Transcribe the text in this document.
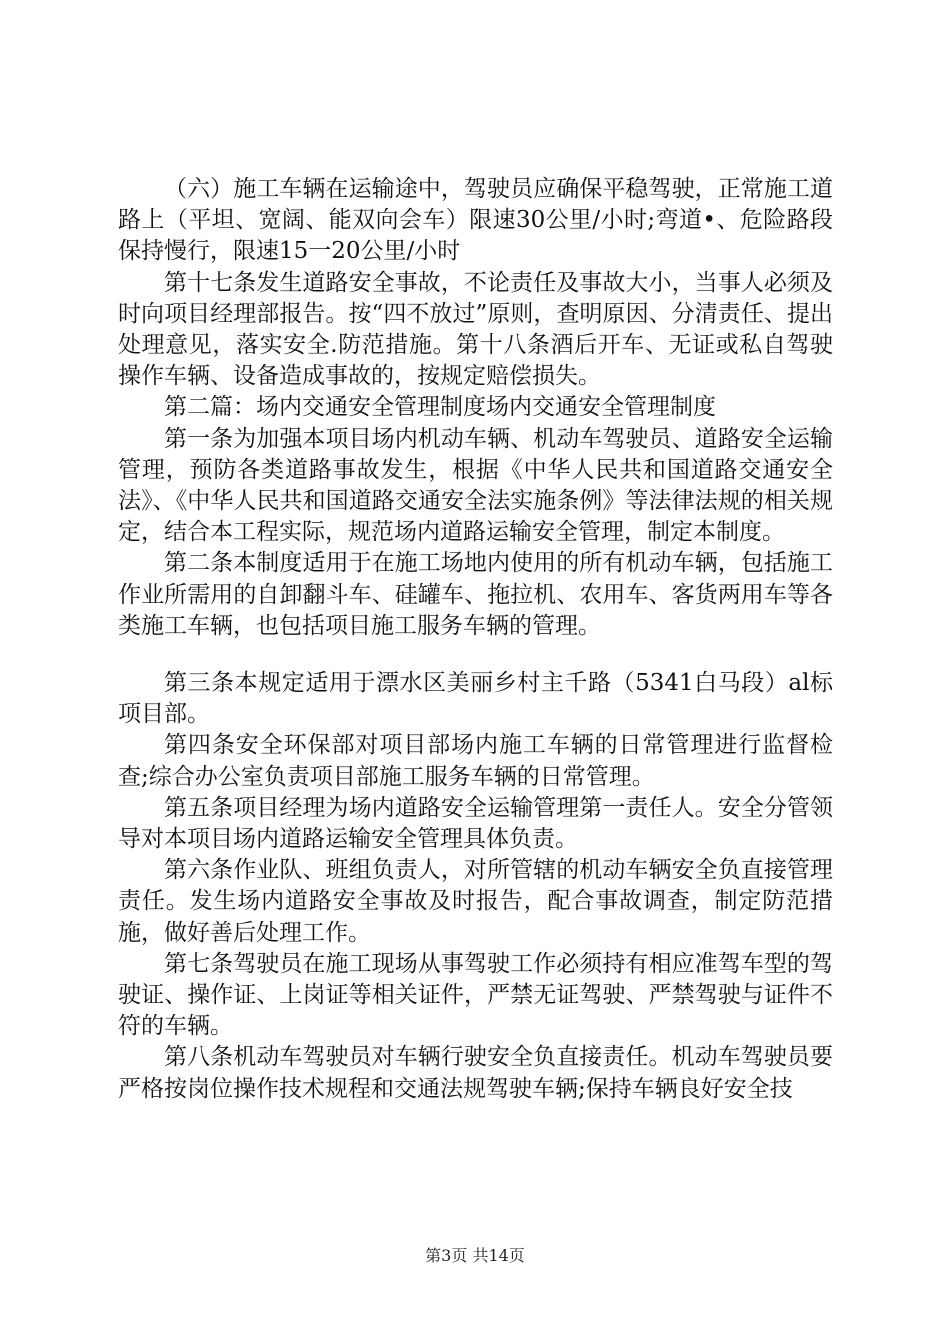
（六）施工车辆在运输途中，驾驶员应确保平稳驾驶，正常施工道路上（平坦、宽阔、能双向会车）限速30公里/小时;弯道•、危险路段保持慢行，限速15一20公里/小时

第十七条发生道路安全事故，不论责任及事故大小，当事人必须及时向项目经理部报告。按“四不放过”原则，查明原因、分清责任、提出处理意见，落实安全.防范措施。第十八条酒后开车、无证或私自驾驶操作车辆、设备造成事故的，按规定赔偿损失。

第二篇：场内交通安全管理制度场内交通安全管理制度

第一条为加强本项目场内机动车辆、机动车驾驶员、道路安全运输管理，预防各类道路事故发生，根据《中华人民共和国道路交通安全法》、《中华人民共和国道路交通安全法实施条例》等法律法规的相关规定，结合本工程实际，规范场内道路运输安全管理，制定本制度。

第二条本制度适用于在施工场地内使用的所有机动车辆，包括施工作业所需用的自卸翻斗车、硅罐车、拖拉机、农用车、客货两用车等各类施工车辆，也包括项目施工服务车辆的管理。

第三条本规定适用于漂水区美丽乡村主千路（5341白马段）al标项目部。

第四条安全环保部对项目部场内施工车辆的日常管理进行监督检查;综合办公室负责项目部施工服务车辆的日常管理。

第五条项目经理为场内道路安全运输管理第一责任人。安全分管领导对本项目场内道路运输安全管理具体负责。

第六条作业队、班组负责人，对所管辖的机动车辆安全负直接管理责任。发生场内道路安全事故及时报告，配合事故调查，制定防范措施，做好善后处理工作。

第七条驾驶员在施工现场从事驾驶工作必须持有相应准驾车型的驾驶证、操作证、上岗证等相关证件，严禁无证驾驶、严禁驾驶与证件不符的车辆。

第八条机动车驾驶员对车辆行驶安全负直接责任。机动车驾驶员要严格按岗位操作技术规程和交通法规驾驶车辆;保持车辆良好安全技

第3页 共14页
